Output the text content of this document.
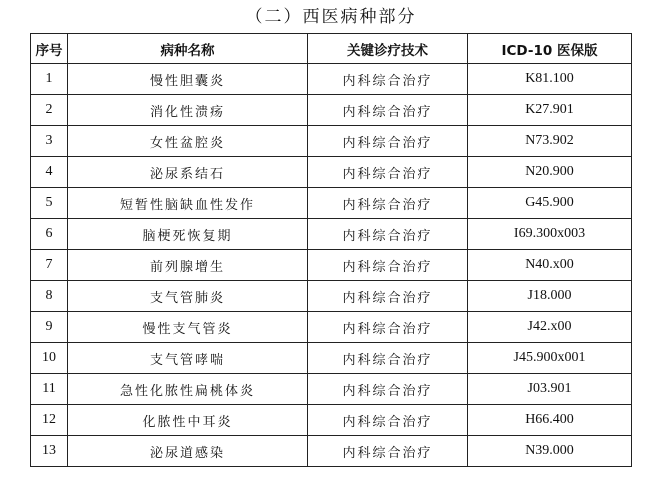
（二）西医病种部分
序号	病种名称	关键诊疗技术	ICD-10 医保版
1	慢性胆囊炎	内科综合治疗	K81.100
2	消化性溃疡	内科综合治疗	K27.901
3	女性盆腔炎	内科综合治疗	N73.902
4	泌尿系结石	内科综合治疗	N20.900
5	短暂性脑缺血性发作	内科综合治疗	G45.900
6	脑梗死恢复期	内科综合治疗	I69.300x003
7	前列腺增生	内科综合治疗	N40.x00
8	支气管肺炎	内科综合治疗	J18.000
9	慢性支气管炎	内科综合治疗	J42.x00
10	支气管哮喘	内科综合治疗	J45.900x001
11	急性化脓性扁桃体炎	内科综合治疗	J03.901
12	化脓性中耳炎	内科综合治疗	H66.400
13	泌尿道感染	内科综合治疗	N39.000
